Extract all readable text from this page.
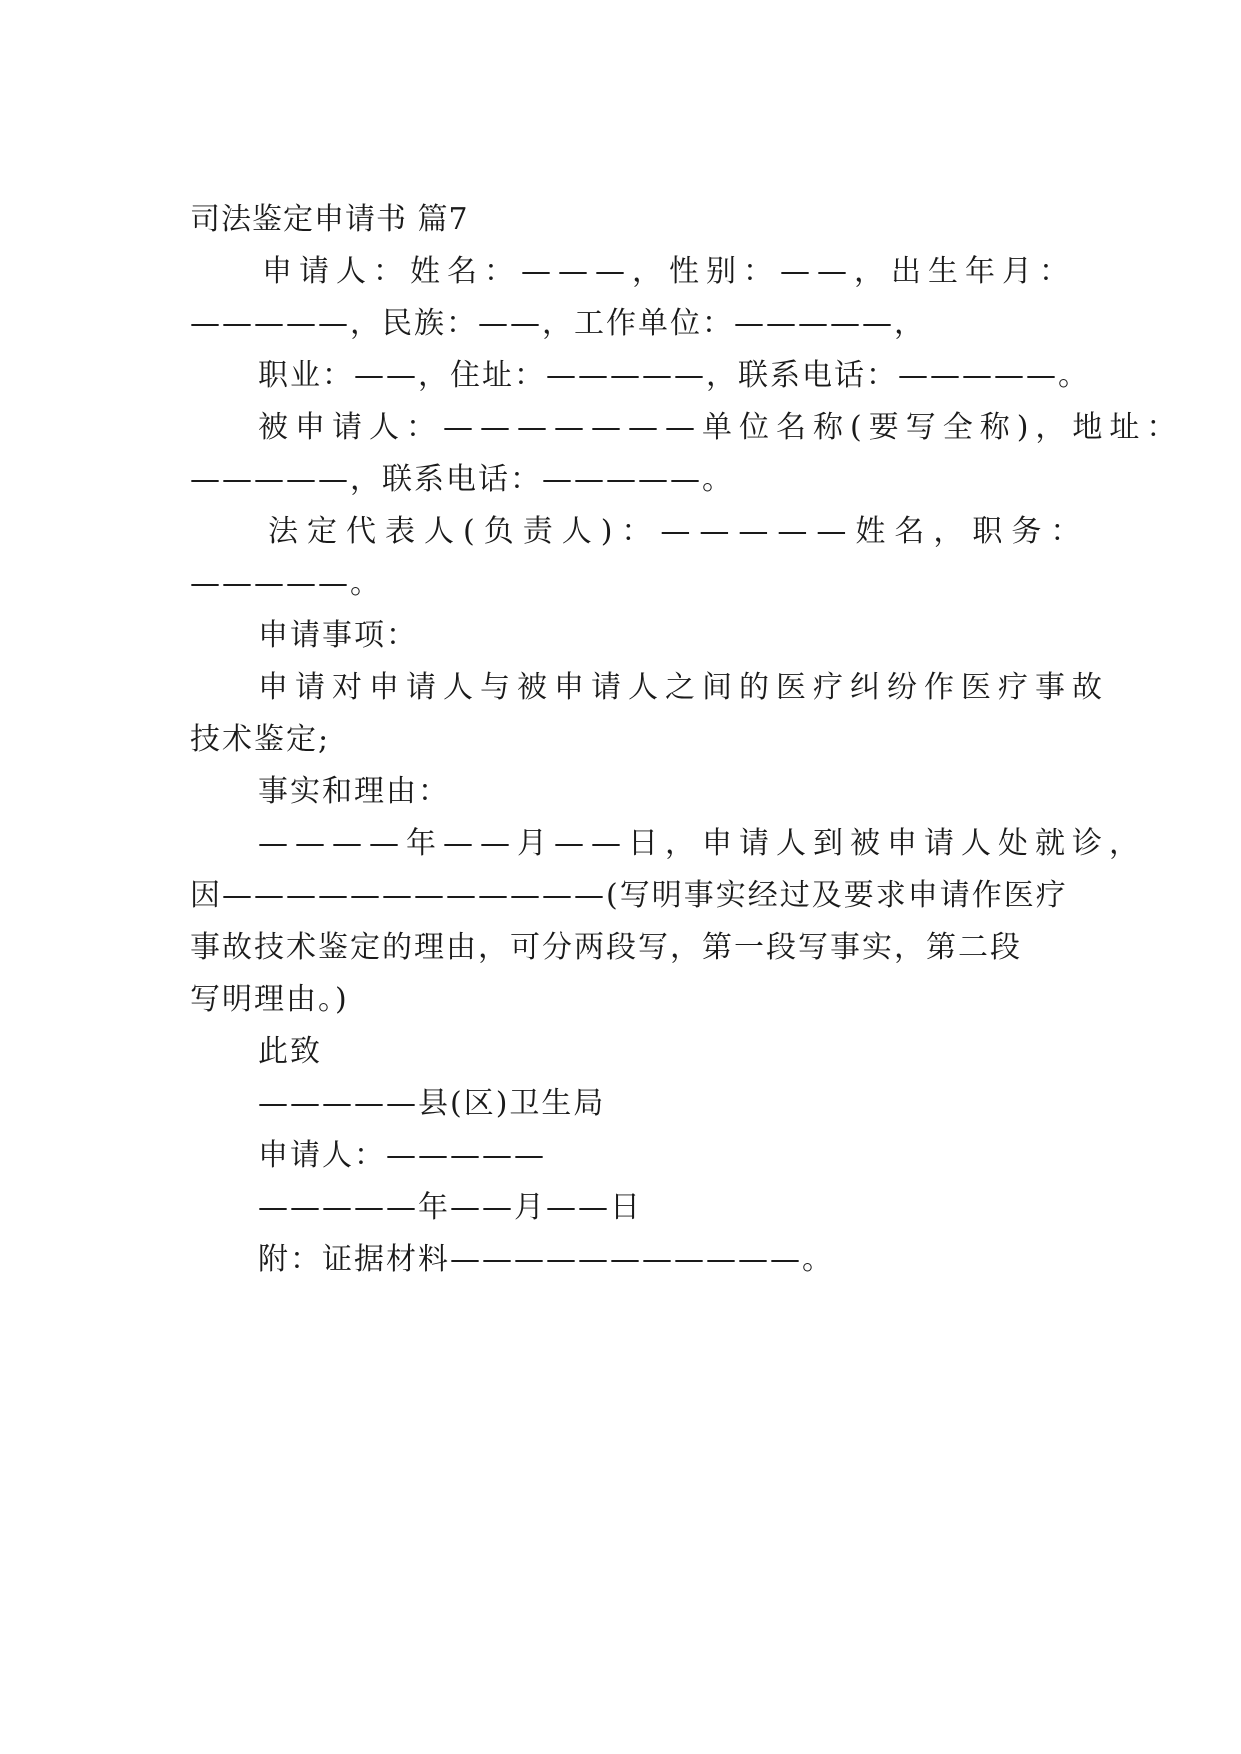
司法鉴定申请书 篇7
申请人：姓名：———，性别：——，出生年月：
—————，民族：——，工作单位：—————，
职业：——，住址：—————，联系电话：—————。
被申请人：———————单位名称(要写全称)，地址：
—————，联系电话：—————。
法定代表人(负责人)：—————姓名，职务：
—————。
申请事项：
申请对申请人与被申请人之间的医疗纠纷作医疗事故
技术鉴定;
事实和理由：
————年——月——日，申请人到被申请人处就诊，
因————————————(写明事实经过及要求申请作医疗
事故技术鉴定的理由，可分两段写，第一段写事实，第二段
写明理由。)
此致
—————县(区)卫生局
申请人：—————
—————年——月——日
附：证据材料———————————。
